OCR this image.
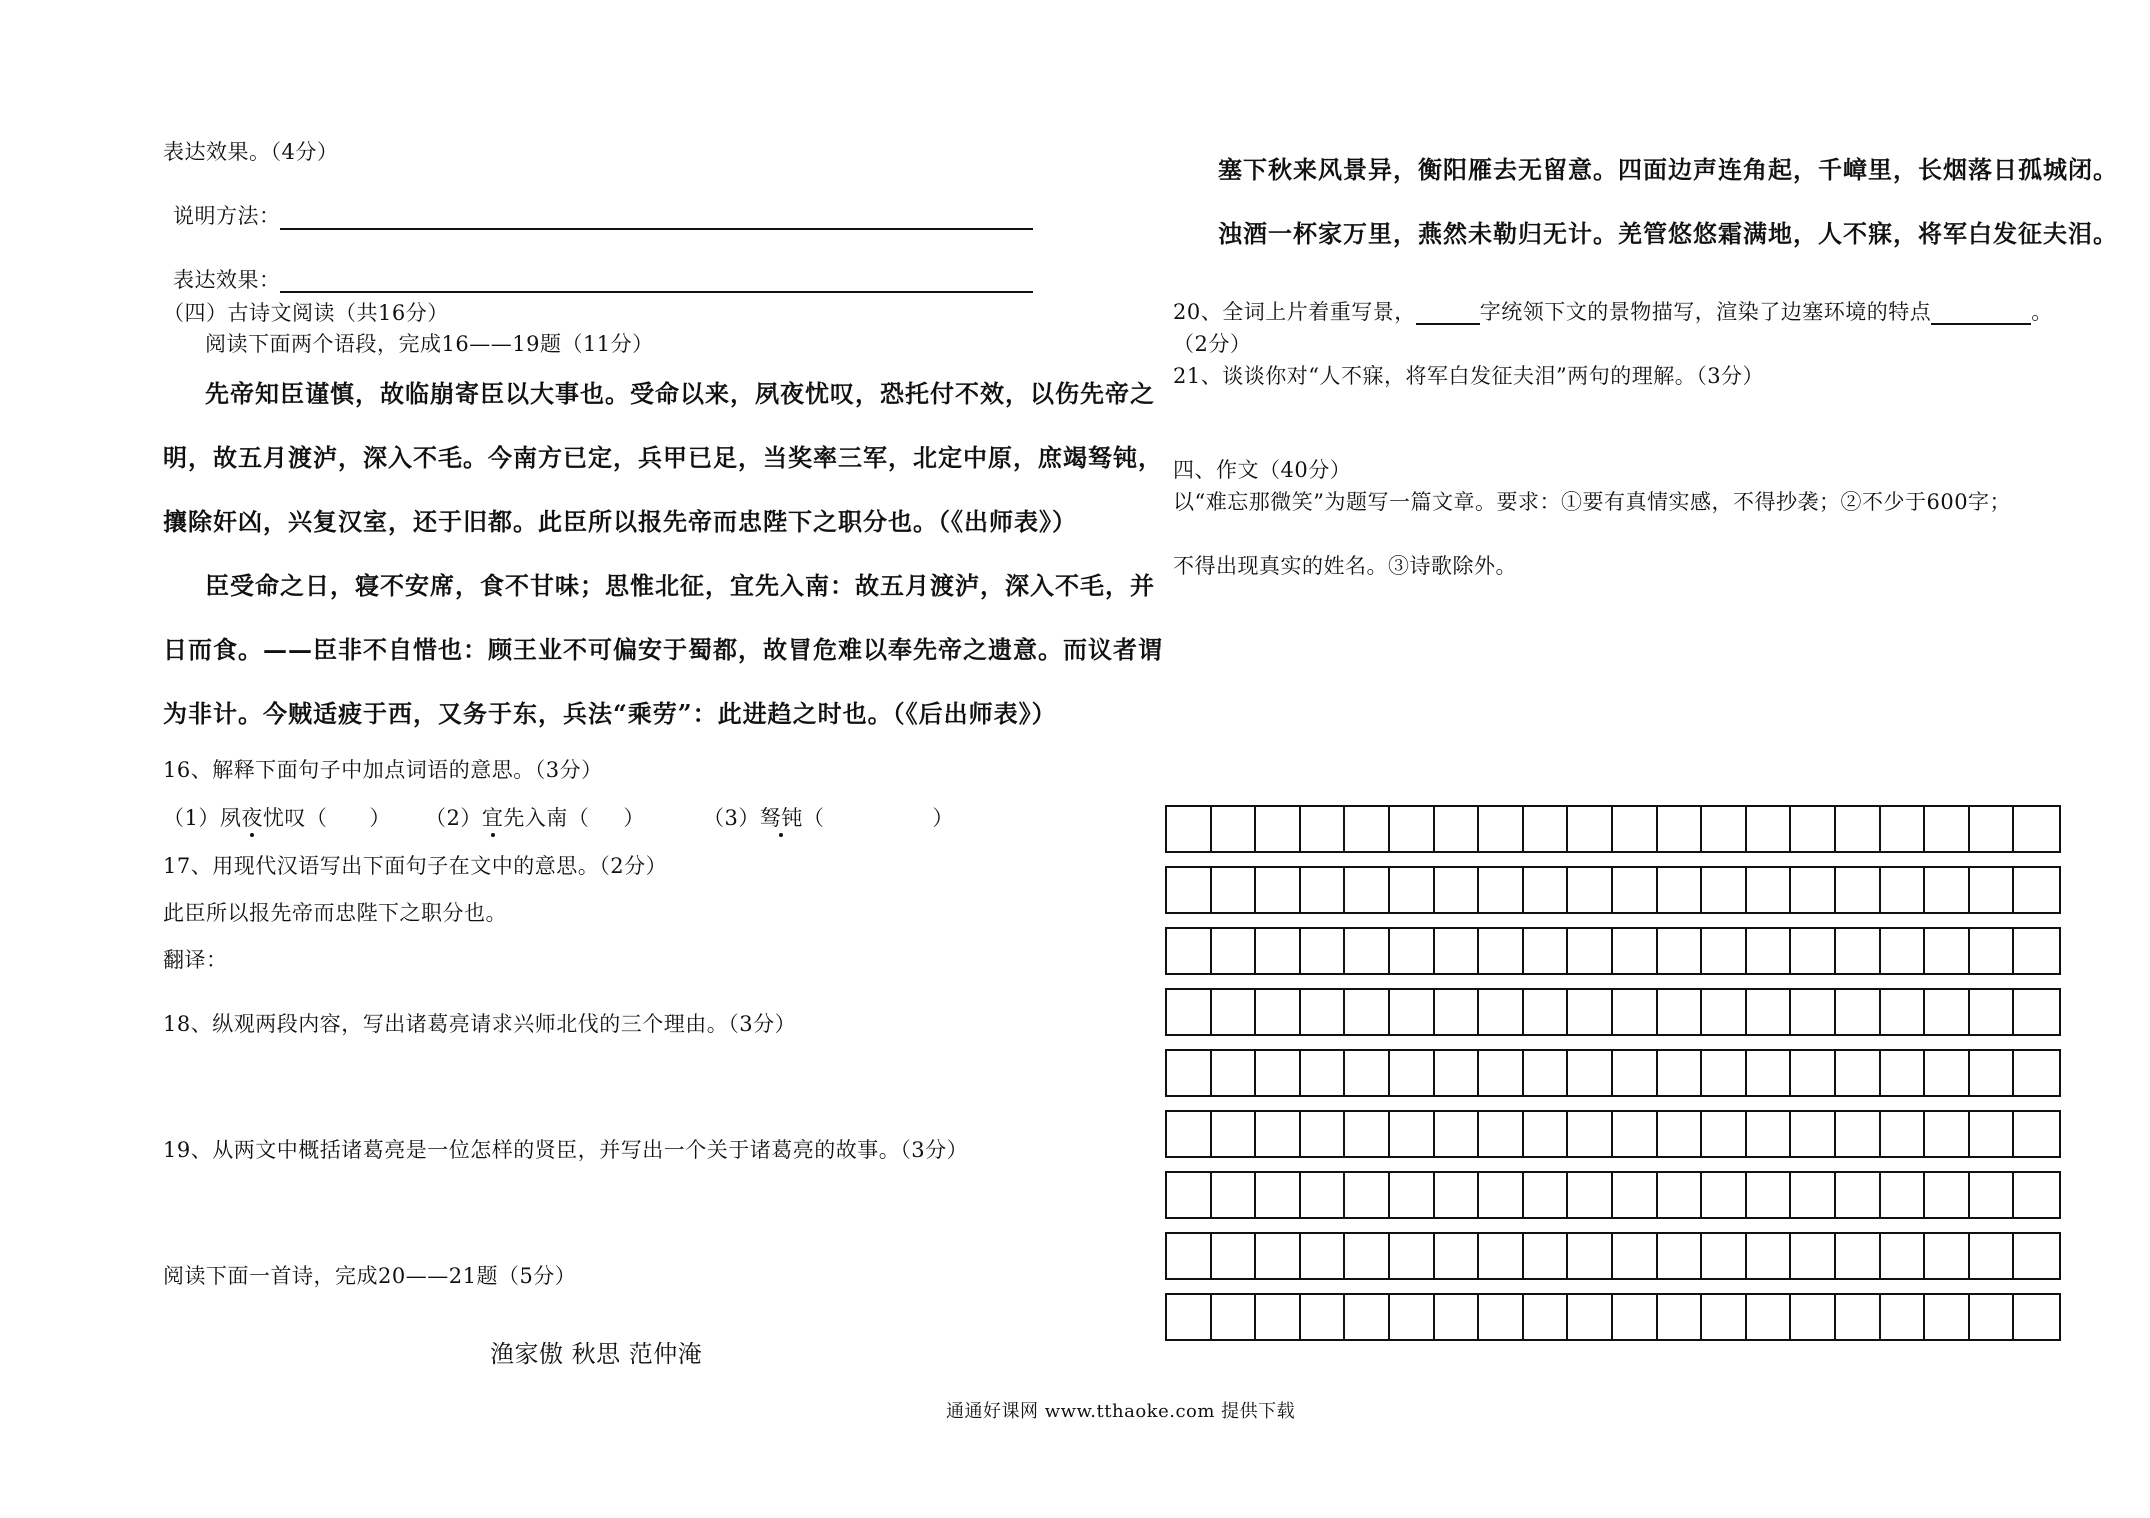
表达效果。（4分）
说明方法：
表达效果：
（四）古诗文阅读（共16分）
阅读下面两个语段，完成16——19题（11分）
先帝知臣谨慎，故临崩寄臣以大事也。受命以来，夙夜忧叹，恐托付不效，以伤先帝之
明，故五月渡泸，深入不毛。今南方已定，兵甲已足，当奖率三军，北定中原，庶竭驽钝，
攘除奸凶，兴复汉室，还于旧都。此臣所以报先帝而忠陛下之职分也。（《出师表》）
臣受命之日，寝不安席，食不甘味；思惟北征，宜先入南：故五月渡泸，深入不毛，并
日而食。——臣非不自惜也：顾王业不可偏安于蜀都，故冒危难以奉先帝之遗意。而议者谓
为非计。今贼适疲于西，又务于东，兵法“乘劳”：此进趋之时也。（《后出师表》）
16、解释下面句子中加点词语的意思。（3分）
（1）夙夜忧叹（ ） （2）宜先入南（ ）	（3）驽钝（	）
17、用现代汉语写出下面句子在文中的意思。（2分）
此臣所以报先帝而忠陛下之职分也。
翻译：
18、纵观两段内容，写出诸葛亮请求兴师北伐的三个理由。（3分）
19、从两文中概括诸葛亮是一位怎样的贤臣，并写出一个关于诸葛亮的故事。（3分）
阅读下面一首诗，完成20——21题（5分）
渔家傲 秋思 范仲淹
塞下秋来风景异，衡阳雁去无留意。四面边声连角起，千嶂里，长烟落日孤城闭。
浊酒一杯家万里，燕然未勒归无计。羌管悠悠霜满地，人不寐，将军白发征夫泪。
20、全词上片着重写景，	字统领下文的景物描写，渲染了边塞环境的特点	。
（2分）
21、谈谈你对“人不寐，将军白发征夫泪”两句的理解。（3分）
四、作文（40分）
以“难忘那微笑”为题写一篇文章。要求：①要有真情实感，不得抄袭；②不少于600字；
不得出现真实的姓名。③诗歌除外。
通通好课网 www.tthaoke.com 提供下载
